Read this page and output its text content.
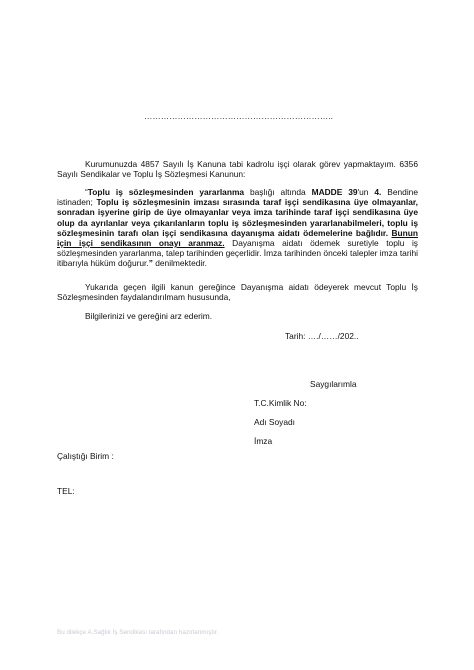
…………………………………………………………..
Kurumunuzda 4857 Sayılı İş Kanuna tabi kadrolu işçi olarak görev yapmaktayım. 6356 Sayılı Sendikalar ve Toplu İş Sözleşmesi Kanunun:
“Toplu iş sözleşmesinden yararlanma başlığı altında MADDE 39'un 4. Bendine istinaden; Toplu iş sözleşmesinin imzası sırasında taraf işçi sendikasına üye olmayanlar, sonradan işyerine girip de üye olmayanlar veya imza tarihinde taraf işçi sendikasına üye olup da ayrılanlar veya çıkarılanların toplu iş sözleşmesinden yararlanabilmeleri, toplu iş sözleşmesinin tarafı olan işçi sendikasına dayanışma aidatı ödemelerine bağlıdır. Bunun için işçi sendikasının onayı aranmaz. Dayanışma aidatı ödemek suretiyle toplu iş sözleşmesinden yararlanma, talep tarihinden geçerlidir. İmza tarihinden önceki talepler imza tarihi itibarıyla hüküm doğurur.” denilmektedir.
Yukarıda geçen ilgili kanun gereğince Dayanışma aidatı ödeyerek mevcut Toplu İş Sözleşmesinden faydalandırılmam hususunda,
Bilgilerinizi ve gereğini arz ederim.
Tarih: …./……/202..
Saygılarımla
T.C.Kimlik No:
Adı Soyadı
İmza
Çalıştığı Birim :
TEL:
Bu dilekçe A.Sağlık İş Sendikası tarafından hazırlanmıştır.
